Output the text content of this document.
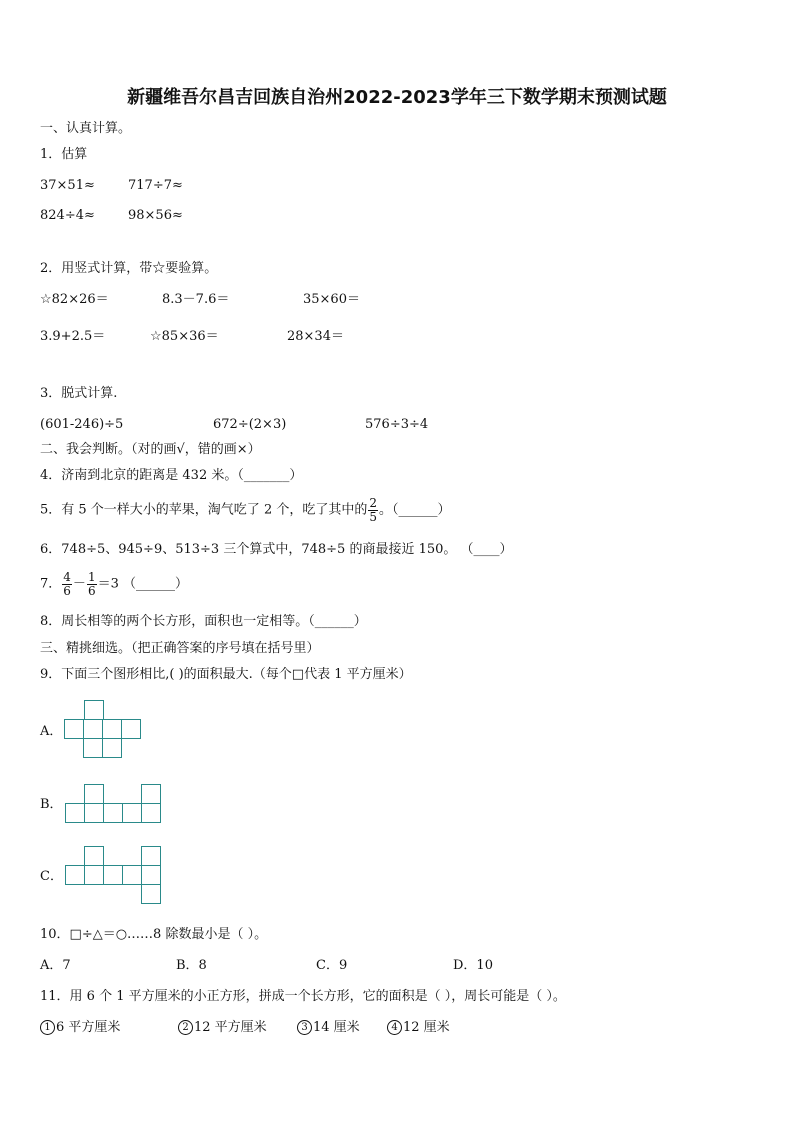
新疆维吾尔昌吉回族自治州2022-2023学年三下数学期末预测试题
一、认真计算。
1．估算
37×51≈	717÷7≈
824÷4≈	98×56≈
2．用竖式计算，带☆要验算。
☆82×26＝	8.3－7.6＝	35×60＝
3.9+2.5＝	☆85×36＝	28×34＝
3．脱式计算.
(601-246)÷5	672÷(2×3)	576÷3÷4
二、我会判断。（对的画√，错的画×）
4．济南到北京的距离是 432 米。（_______）
5．有 5 个一样大小的苹果，淘气吃了 2 个，吃了其中的 $\frac{2}{5}$ 。（______）
6．748÷5、945÷9、513÷3 三个算式中，748÷5 的商最接近 150。 （____）
7． $\frac{4}{6} - \frac{1}{6} =3$ （______）
8．周长相等的两个长方形，面积也一定相等。（______）
三、精挑细选。（把正确答案的序号填在括号里）
9．下面三个图形相比,( )的面积最大.（每个□代表 1 平方厘米）
A．
B．
C．
10．□÷△＝○……8 除数最小是（ ）。
A．7	B．8	C．9	D．10
11．用 6 个 1 平方厘米的小正方形，拼成一个长方形，它的面积是（ ），周长可能是（ ）。
1 6 平方厘米	2 12 平方厘米	3 14 厘米	4 12 厘米
